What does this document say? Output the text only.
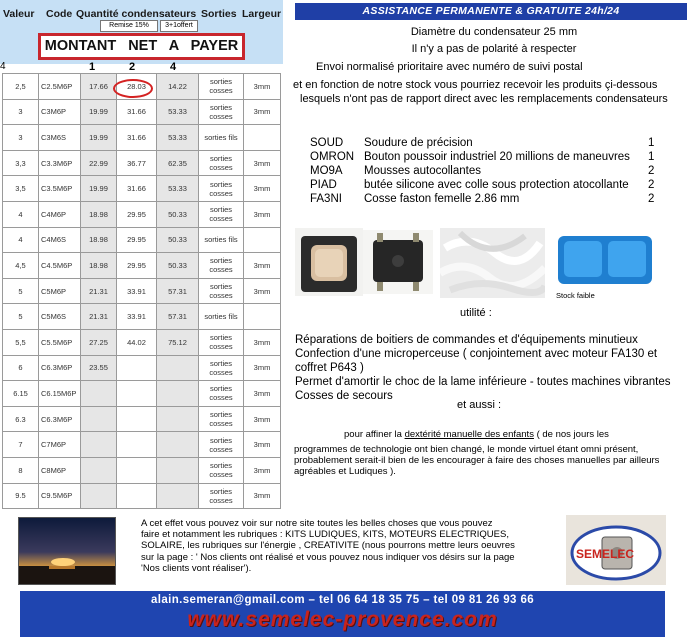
Valeur Code Quantité condensateurs Sorties Largeur
Remise 15%	3+1offert
MONTANT NET A PAYER
4	1	2	4
2,5	C2.5M6P	17.66	28.03	14.22	sorties cosses	3mm
3	C3M6P	19.99	31.66	53.33	sorties cosses	3mm
3	C3M6S	19.99	31.66	53.33	sorties fils	
3,3	C3.3M6P	22.99	36.77	62.35	sorties cosses	3mm
3,5	C3.5M6P	19.99	31.66	53.33	sorties cosses	3mm
4	C4M6P	18.98	29.95	50.33	sorties cosses	3mm
4	C4M6S	18.98	29.95	50.33	sorties fils	
4,5	C4.5M6P	18.98	29.95	50.33	sorties cosses	3mm
5	C5M6P	21.31	33.91	57.31	sorties cosses	3mm
5	C5M6S	21.31	33.91	57.31	sorties fils	
5,5	C5.5M6P	27.25	44.02	75.12	sorties cosses	3mm
6	C6.3M6P	23.55			sorties cosses	3mm
6.15	C6.15M6P				sorties cosses	3mm
6.3	C6.3M6P				sorties cosses	3mm
7	C7M6P				sorties cosses	3mm
8	C8M6P				sorties cosses	3mm
9.5	C9.5M6P				sorties cosses	3mm
ASSISTANCE PERMANENTE & GRATUITE 24h/24
Diamètre du condensateur 25 mm
Il n'y a pas de polarité à respecter
Envoi normalisé prioritaire avec numéro de suivi postal
et en fonction de notre stock vous pourriez recevoir les produits çi-dessous
lesquels n'ont pas de rapport direct avec les remplacements condensateurs
SOUD Soudure de précision	1
OMRON Bouton poussoir industriel 20 millions de maneuvres 1
MO9A Mousses autocollantes	2
PIAD butée silicone avec colle sous protection atocollante 2
FA3NI Cosse faston femelle 2.86 mm	2
Stock faible
utilité :
Réparations de boitiers de commandes et d'équipements minutieux
Confection d'une microperceuse ( conjointement avec moteur FA130 et
coffret P643 )
Permet d'amortir le choc de la lame inférieure - toutes machines vibrantes
Cosses de secours
et aussi :
pour affiner la dextérité manuelle des enfants ( de nos jours les
programmes de technologie ont bien changé, le monde virtuel étant omni présent,
probablement serait-il bien de les encourager à faire des choses manuelles par ailleurs
agréables et Ludiques ).
A cet effet vous pouvez voir sur notre site toutes les belles choses que vous pouvez
faire et notamment les rubriques : KITS LUDIQUES, KITS, MOTEURS ELECTRIQUES,
SOLAIRE, les rubriques sur l'énergie , CREATIVITE (nous pourrons mettre leurs oeuvres
sur la page : ' Nos clients ont réalisé et vous pouvez nous indiquer vos désirs sur la page
'Nos clients vont réaliser').
SEMELEC
alain.semeran@gmail.com – tel 06 64 18 35 75 – tel 09 81 26 93 66
www.semelec-provence.com
